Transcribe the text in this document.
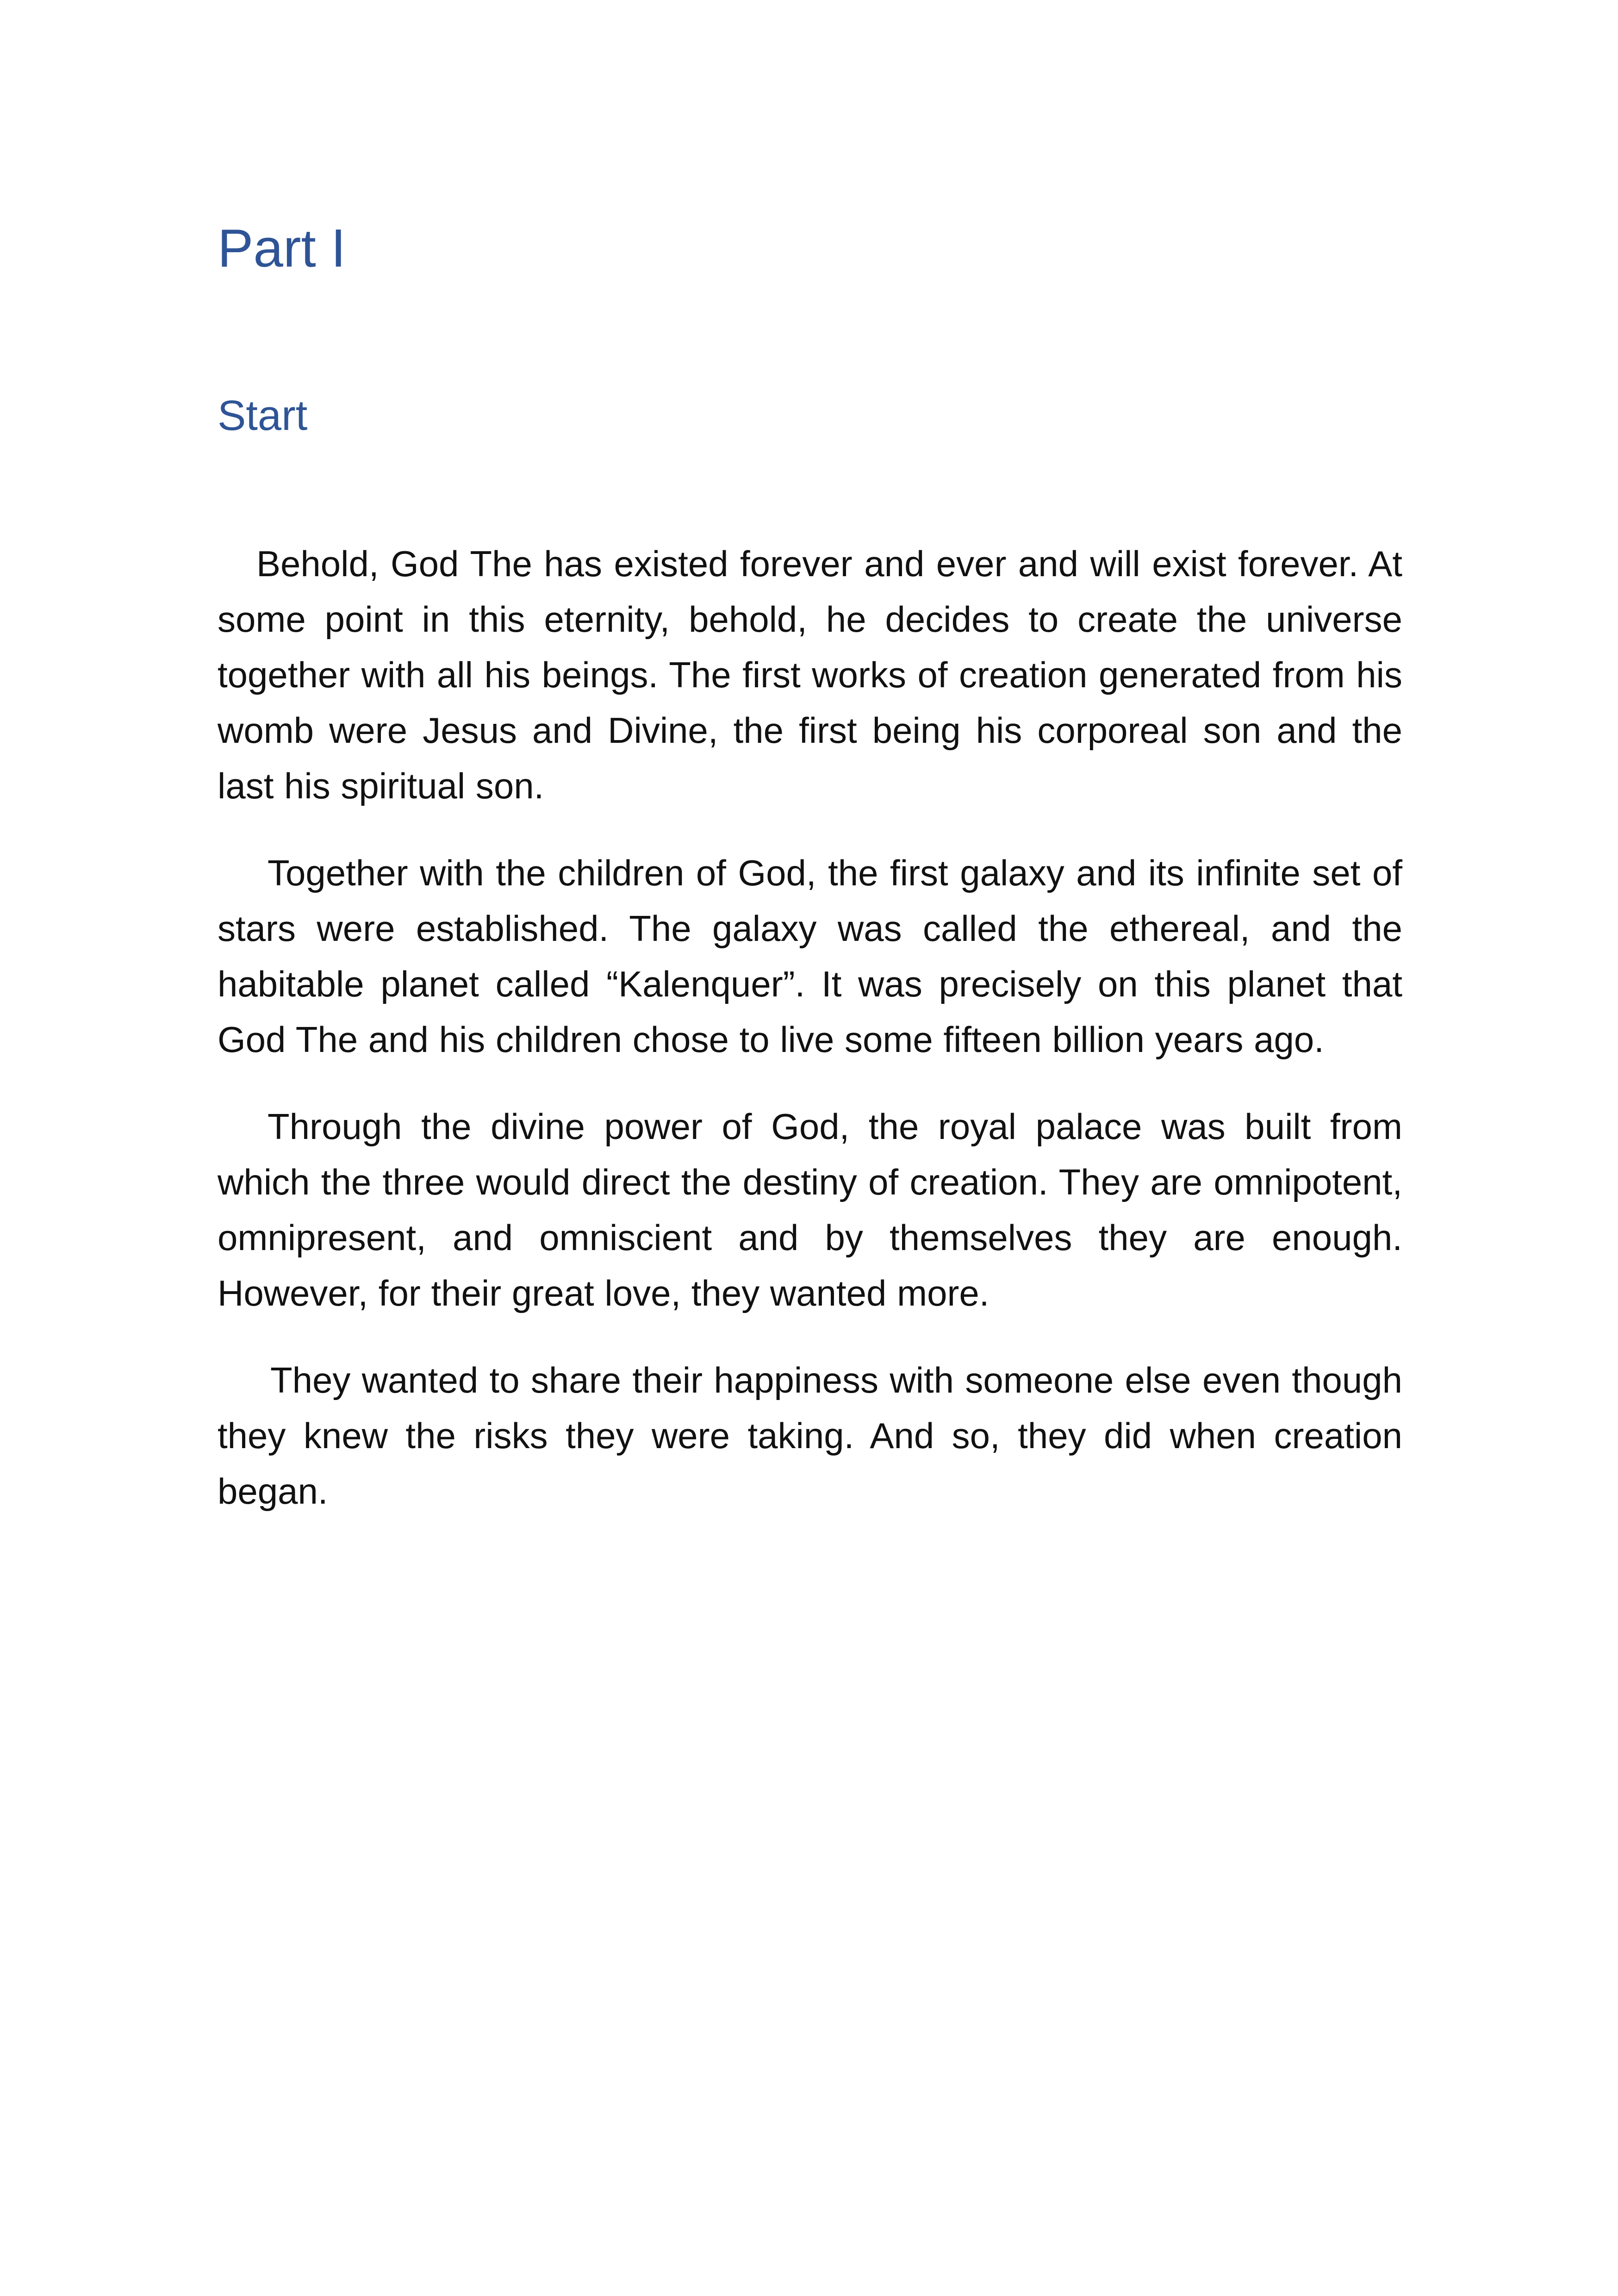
Part I
Start

Behold, God The has existed forever and ever and will exist forever. At some point in this eternity, behold, he decides to create the universe together with all his beings. The first works of creation generated from his womb were Jesus and Divine, the first being his corporeal son and the last his spiritual son.

Together with the children of God, the first galaxy and its infinite set of stars were established. The galaxy was called the ethereal, and the habitable planet called “Kalenquer”. It was precisely on this planet that God The and his children chose to live some fifteen billion years ago.

Through the divine power of God, the royal palace was built from which the three would direct the destiny of creation. They are omnipotent, omnipresent, and omniscient and by themselves they are enough. However, for their great love, they wanted more.

They wanted to share their happiness with someone else even though they knew the risks they were taking. And so, they did when creation began.
